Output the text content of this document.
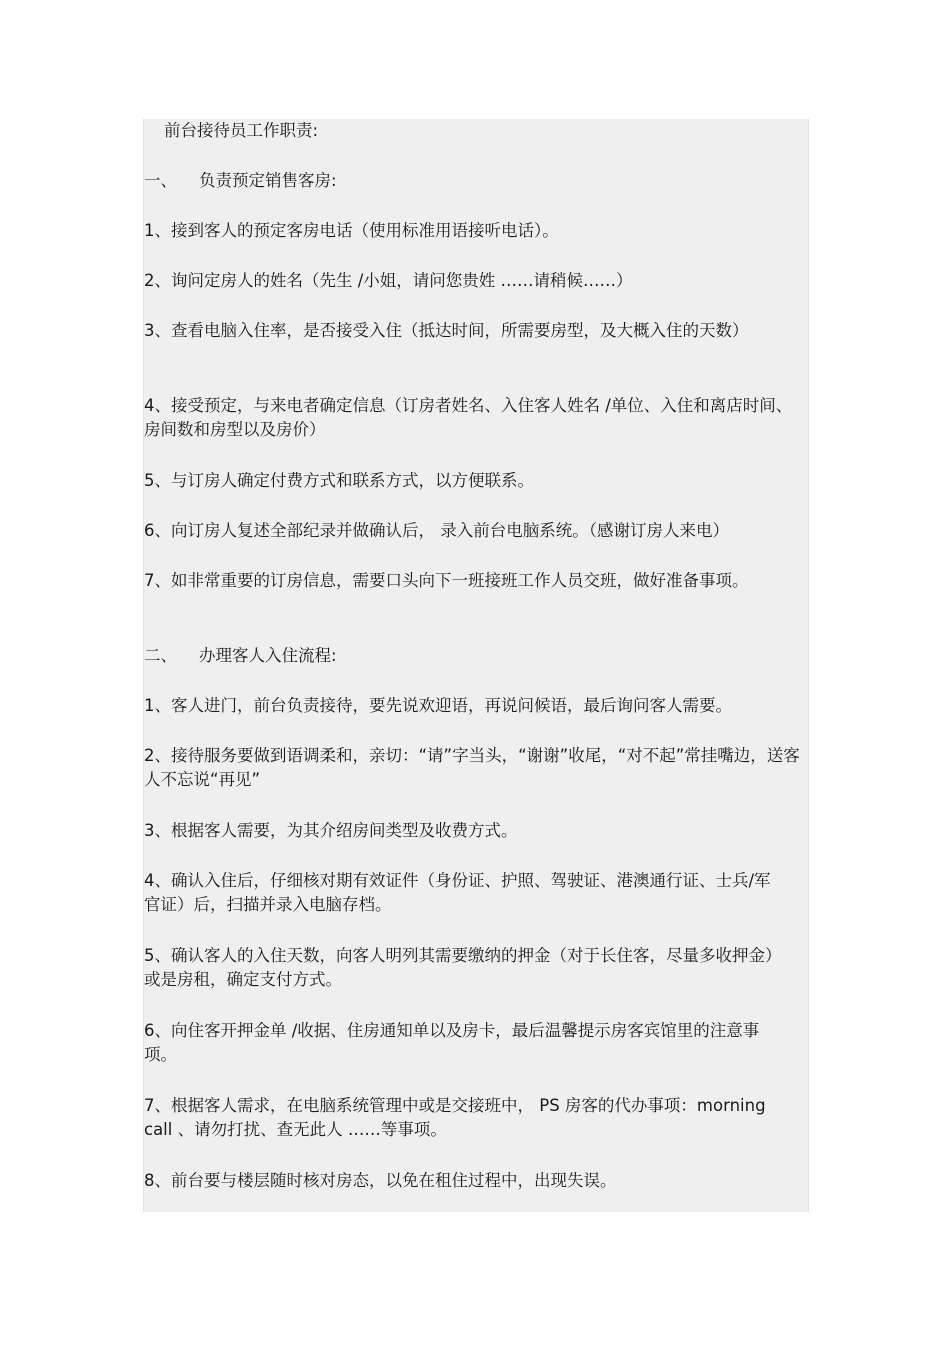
前台接待员工作职责:
一、 负责预定销售客房:
1、接到客人的预定客房电话（使用标准用语接听电话）。
2、询问定房人的姓名（先生 /小姐，请问您贵姓 ……请稍候……）
3、查看电脑入住率，是否接受入住（抵达时间，所需要房型，及大概入住的天数）
4、接受预定，与来电者确定信息（订房者姓名、入住客人姓名 /单位、入住和离店时间、房间数和房型以及房价）
5、与订房人确定付费方式和联系方式，以方便联系。
6、向订房人复述全部纪录并做确认后， 录入前台电脑系统。（感谢订房人来电）
7、如非常重要的订房信息，需要口头向下一班接班工作人员交班，做好准备事项。
二、 办理客人入住流程:
1、客人进门，前台负责接待，要先说欢迎语，再说问候语，最后询问客人需要。
2、接待服务要做到语调柔和，亲切：“请”字当头，“谢谢”收尾，“对不起”常挂嘴边，送客人不忘说“再见”
3、根据客人需要，为其介绍房间类型及收费方式。
4、确认入住后，仔细核对期有效证件（身份证、护照、驾驶证、港澳通行证、士兵/军官证）后，扫描并录入电脑存档。
5、确认客人的入住天数，向客人明列其需要缴纳的押金（对于长住客，尽量多收押金）或是房租，确定支付方式。
6、向住客开押金单 /收据、住房通知单以及房卡，最后温馨提示房客宾馆里的注意事项。
7、根据客人需求，在电脑系统管理中或是交接班中， PS 房客的代办事项：morning call 、请勿打扰、查无此人 ……等事项。
8、前台要与楼层随时核对房态，以免在租住过程中，出现失误。
